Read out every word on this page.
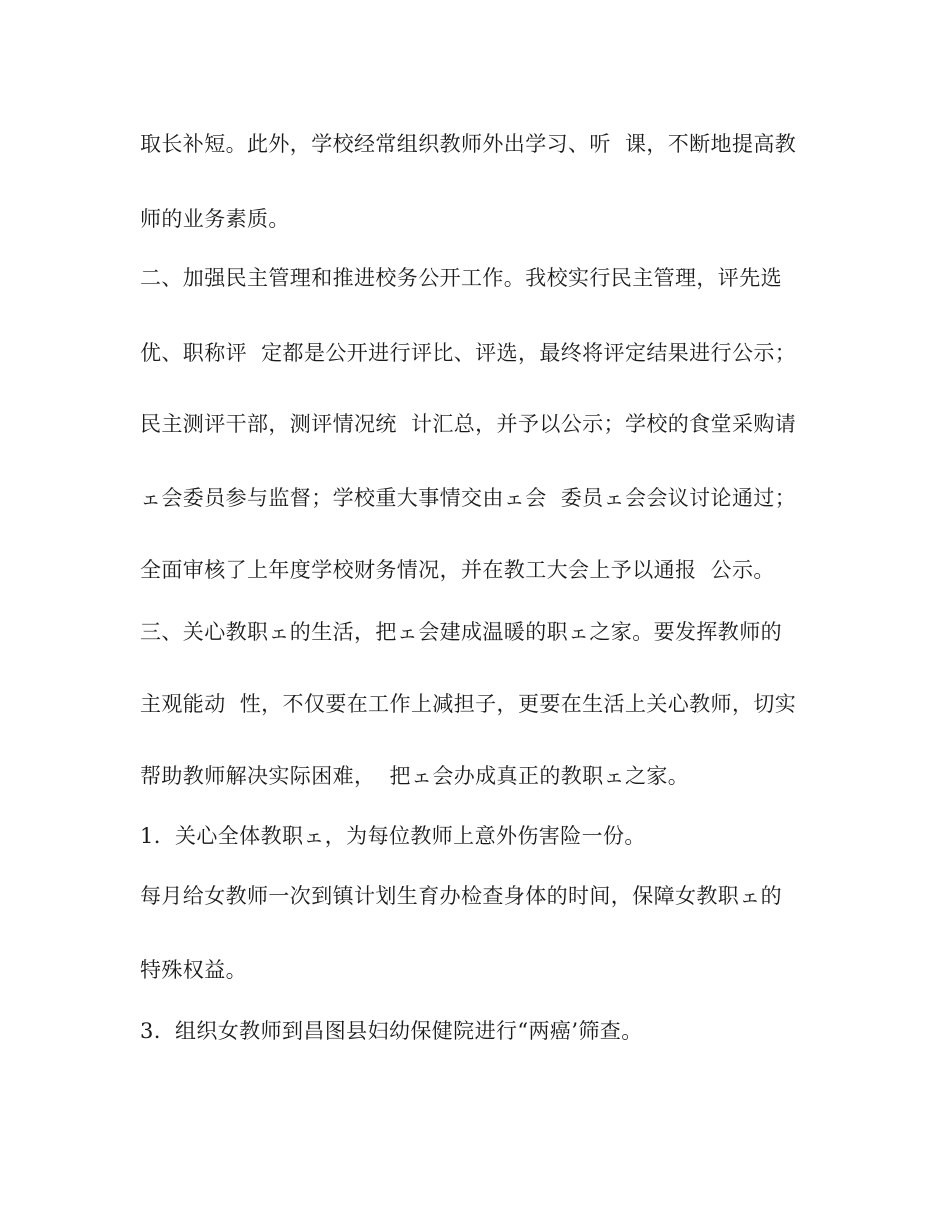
取长补短。此外，学校经常组织教师外出学习、听  课，不断地提高教
师的业务素质。
二、加强民主管理和推进校务公开工作。我校实行民主管理，评先选
优、职称评  定都是公开进行评比、评选，最终将评定结果进行公示；
民主测评干部，测评情况统  计汇总，并予以公示；学校的食堂采购请
ェ会委员参与监督；学校重大事情交由ェ会  委员ェ会会议讨论通过；
全面审核了上年度学校财务情况，并在教工大会上予以通报  公示。
三、关心教职ェ的生活，把ェ会建成温暖的职ェ之家。要发挥教师的
主观能动  性，不仅要在工作上减担子，更要在生活上关心教师，切实
帮助教师解决实际困难，  把ェ会办成真正的教职ェ之家。
1.  关心全体教职ェ，为每位教师上意外伤害险一份。
每月给女教师一次到镇计划生育办检查身体的时间，保障女教职ェ的
特殊权益。
3.  组织女教师到昌图县妇幼保健院进行“两癌’筛查。
